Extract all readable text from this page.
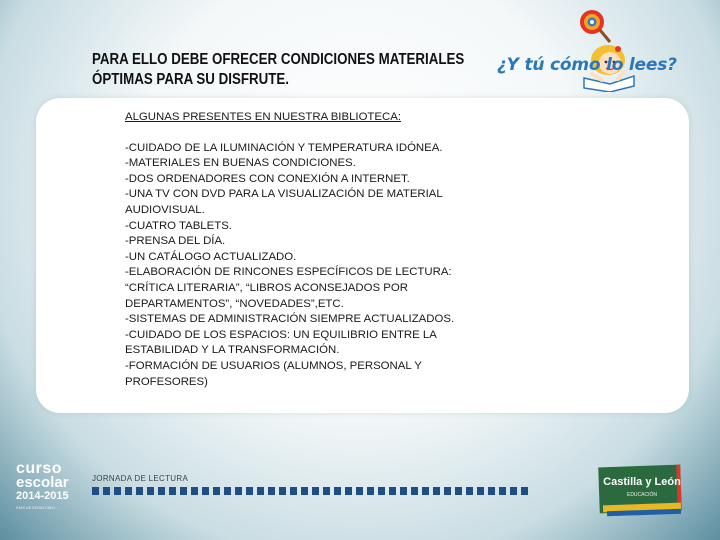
PARA ELLO DEBE OFRECER CONDICIONES MATERIALES
ÓPTIMAS PARA SU DISFRUTE.
¿Y tú cómo lo lees?

ALGUNAS PRESENTES EN NUESTRA BIBLIOTECA:

-CUIDADO DE LA ILUMINACIÓN Y TEMPERATURA IDÓNEA.
-MATERIALES EN BUENAS CONDICIONES.
-DOS ORDENADORES CON CONEXIÓN A INTERNET.
-UNA TV CON DVD PARA LA VISUALIZACIÓN DE MATERIAL
AUDIOVISUAL.
-CUATRO TABLETS.
-PRENSA DEL DÍA.
-UN CATÁLOGO ACTUALIZADO.
-ELABORACIÓN DE RINCONES ESPECÍFICOS DE LECTURA:
“CRÍTICA LITERARIA”, “LIBROS ACONSEJADOS POR
DEPARTAMENTOS”, “NOVEDADES”,ETC.
-SISTEMAS DE ADMINISTRACIÓN SIEMPRE ACTUALIZADOS.
-CUIDADO DE LOS ESPACIOS: UN EQUILIBRIO ENTRE LA
ESTABILIDAD Y LA TRANSFORMACIÓN.
-FORMACIÓN DE USUARIOS (ALUMNOS, PERSONAL Y
PROFESORES)
curso
escolar
2014-2015
KMKUEGRADOMO...
JORNADA DE LECTURA	Castilla y León
EDUCACIÓN
